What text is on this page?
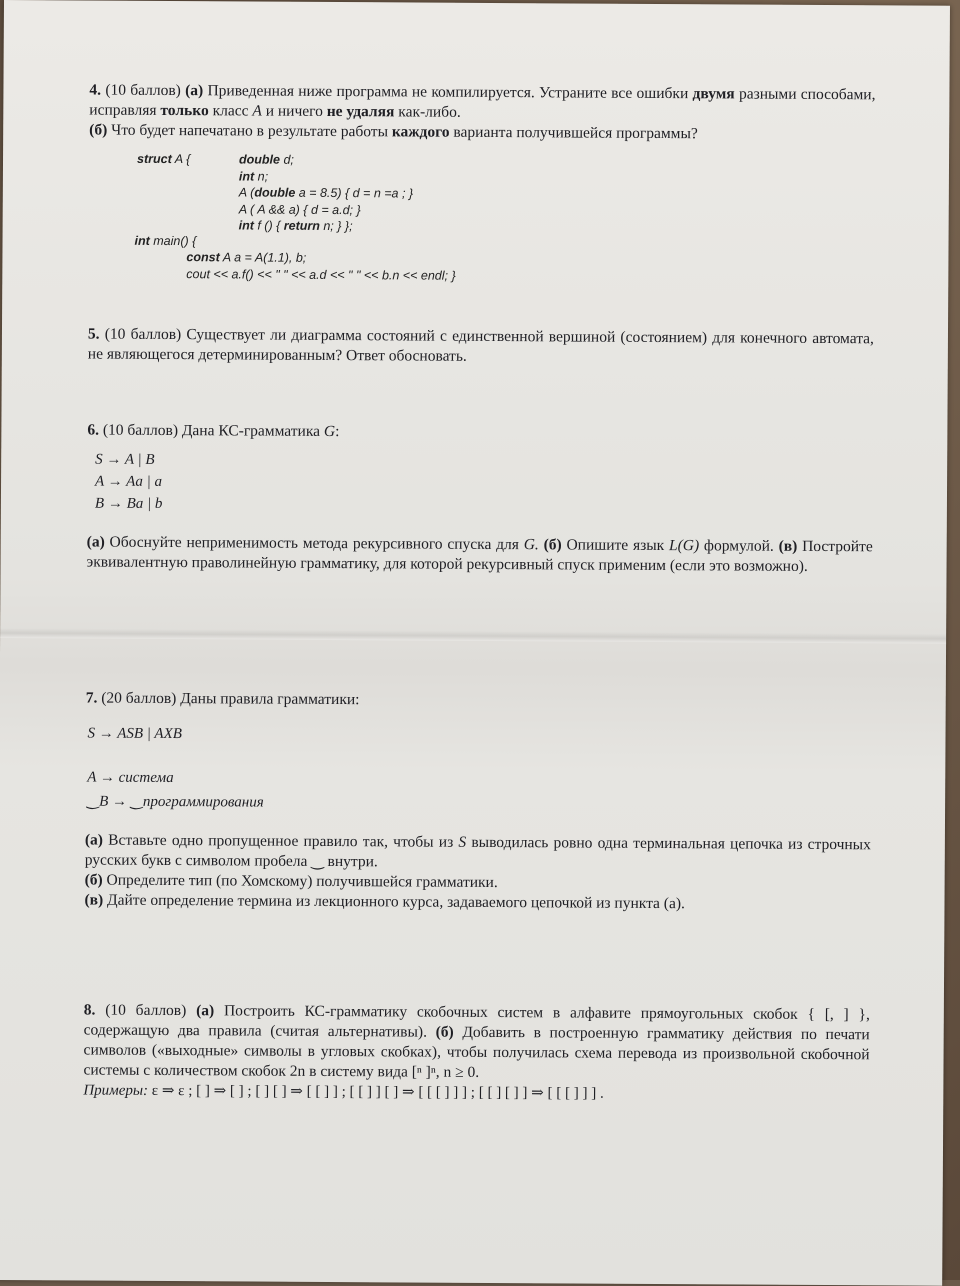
4. (10 баллов) (а) Приведенная ниже программа не компилируется. Устраните все ошибки двумя разными способами, исправляя только класс A и ничего не удаляя как-либо.

(б) Что будет напечатано в результате работы каждого варианта получившейся программы?

struct A {	double d;
int n;
A (double a = 8.5) { d = n =a ; }
A ( A && a) { d = a.d; }
int f () { return n; } };
int main() {
const A a = A(1.1), b;
cout << a.f() << " " << a.d << " " << b.n << endl; }

5. (10 баллов) Существует ли диаграмма состояний с единственной вершиной (состоянием) для конечного автомата, не являющегося детерминированным? Ответ обосновать.

6. (10 баллов) Дана КС-грамматика G:

S → A | B
A → Aa | a
B → Ba | b

(а) Обоснуйте неприменимость метода рекурсивного спуска для G. (б) Опишите язык L(G) формулой. (в) Постройте эквивалентную праволинейную грамматику, для которой рекурсивный спуск применим (если это возможно).

7. (20 баллов) Даны правила грамматики:

S → ASB | AXB
A → система
‿B → ‿программирования

(а) Вставьте одно пропущенное правило так, чтобы из S выводилась ровно одна терминальная цепочка из строчных русских букв с символом пробела ‿ внутри.

(б) Определите тип (по Хомскому) получившейся грамматики.

(в) Дайте определение термина из лекционного курса, задаваемого цепочкой из пункта (а).

8. (10 баллов) (а) Построить КС-грамматику скобочных систем в алфавите прямоугольных скобок { [, ] }, содержащую два правила (считая альтернативы). (б) Добавить в построенную грамматику действия по печати символов («выходные» символы в угловых скобках), чтобы получилась схема перевода из произвольной скобочной системы с количеством скобок 2n в систему вида [ⁿ ]ⁿ, n ≥ 0.

Примеры: ε ⇒ ε ; [ ] ⇒ [ ] ; [ ] [ ] ⇒ [ [ ] ] ; [ [ ] ] [ ] ⇒ [ [ [ ] ] ] ; [ [ ] [ ] ] ⇒ [ [ [ ] ] ] .
